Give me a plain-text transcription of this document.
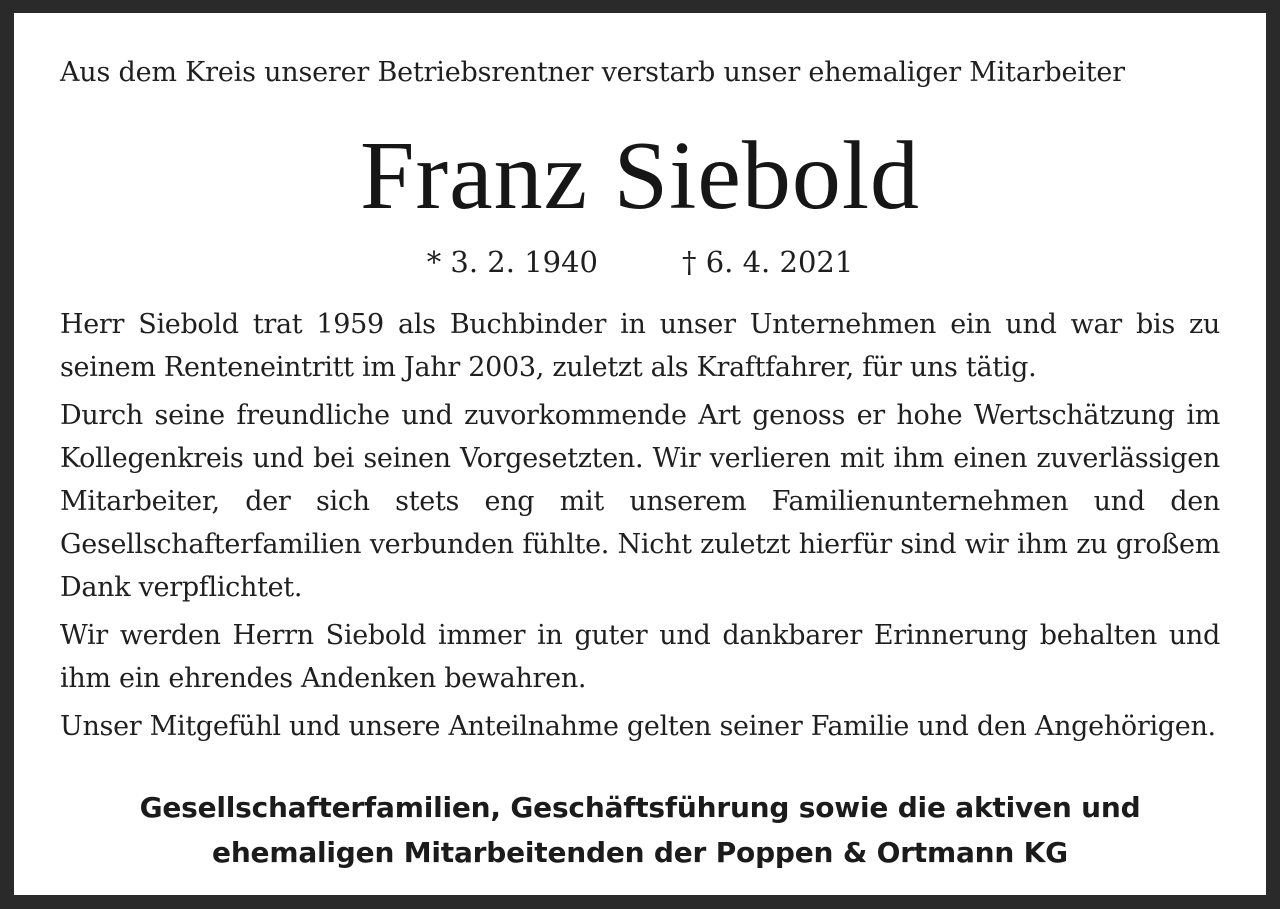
Aus dem Kreis unserer Betriebsrentner verstarb unser ehemaliger Mitarbeiter
Franz Siebold
* 3. 2. 1940	† 6. 4. 2021

Herr Siebold trat 1959 als Buchbinder in unser Unternehmen ein und war bis zu seinem Renteneintritt im Jahr 2003, zuletzt als Kraftfahrer, für uns tätig.

Durch seine freundliche und zuvorkommende Art genoss er hohe Wertschätzung im Kollegenkreis und bei seinen Vorgesetzten. Wir verlieren mit ihm einen zuverlässigen Mitarbeiter, der sich stets eng mit unserem Familienunternehmen und den Gesellschafterfamilien verbunden fühlte. Nicht zuletzt hierfür sind wir ihm zu großem Dank verpflichtet.

Wir werden Herrn Siebold immer in guter und dankbarer Erinnerung behalten und ihm ein ehrendes Andenken bewahren.

Unser Mitgefühl und unsere Anteilnahme gelten seiner Familie und den Angehörigen.

Gesellschafterfamilien, Geschäftsführung sowie die aktiven und
ehemaligen Mitarbeitenden der Poppen & Ortmann KG
